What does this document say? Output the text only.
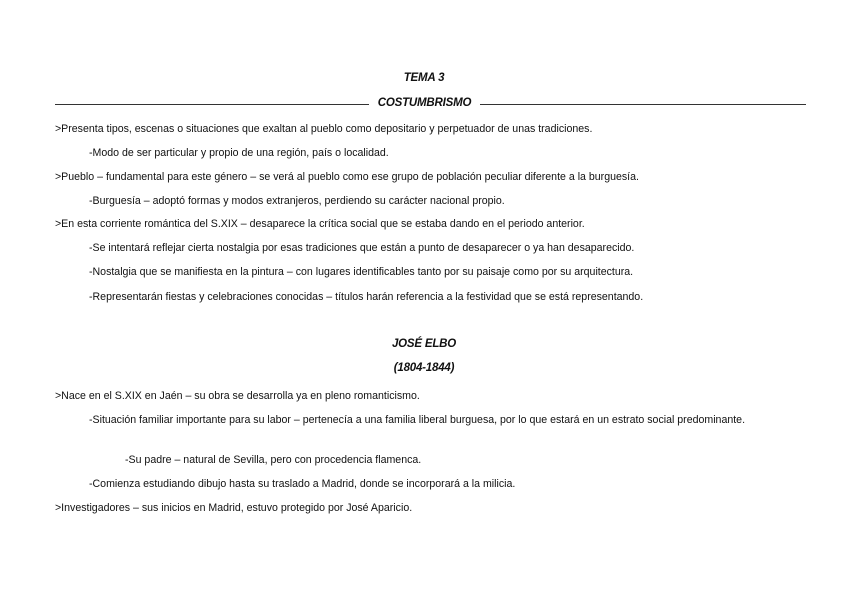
TEMA 3
COSTUMBRISMO
>Presenta tipos, escenas o situaciones que exaltan al pueblo como depositario y perpetuador de unas tradiciones.
-Modo de ser particular y propio de una región, país o localidad.
>Pueblo – fundamental para este género – se verá al pueblo como ese grupo de población peculiar diferente a la burguesía.
-Burguesía – adoptó formas y modos extranjeros, perdiendo su carácter nacional propio.
>En esta corriente romántica del S.XIX – desaparece la crítica social que se estaba dando en el periodo anterior.
-Se intentará reflejar cierta nostalgia por esas tradiciones que están a punto de desaparecer o ya han desaparecido.
-Nostalgia que se manifiesta en la pintura – con lugares identificables tanto por su paisaje como por su arquitectura.
-Representarán fiestas y celebraciones conocidas – títulos harán referencia a la festividad que se está representando.
JOSÉ ELBO
(1804-1844)
>Nace en el S.XIX en Jaén – su obra se desarrolla ya en pleno romanticismo.
-Situación familiar importante para su labor – pertenecía a una familia liberal burguesa, por lo que estará en un estrato social predominante.
-Su padre – natural de Sevilla, pero con procedencia flamenca.
-Comienza estudiando dibujo hasta su traslado a Madrid, donde se incorporará a la milicia.
>Investigadores – sus inicios en Madrid, estuvo protegido por José Aparicio.
